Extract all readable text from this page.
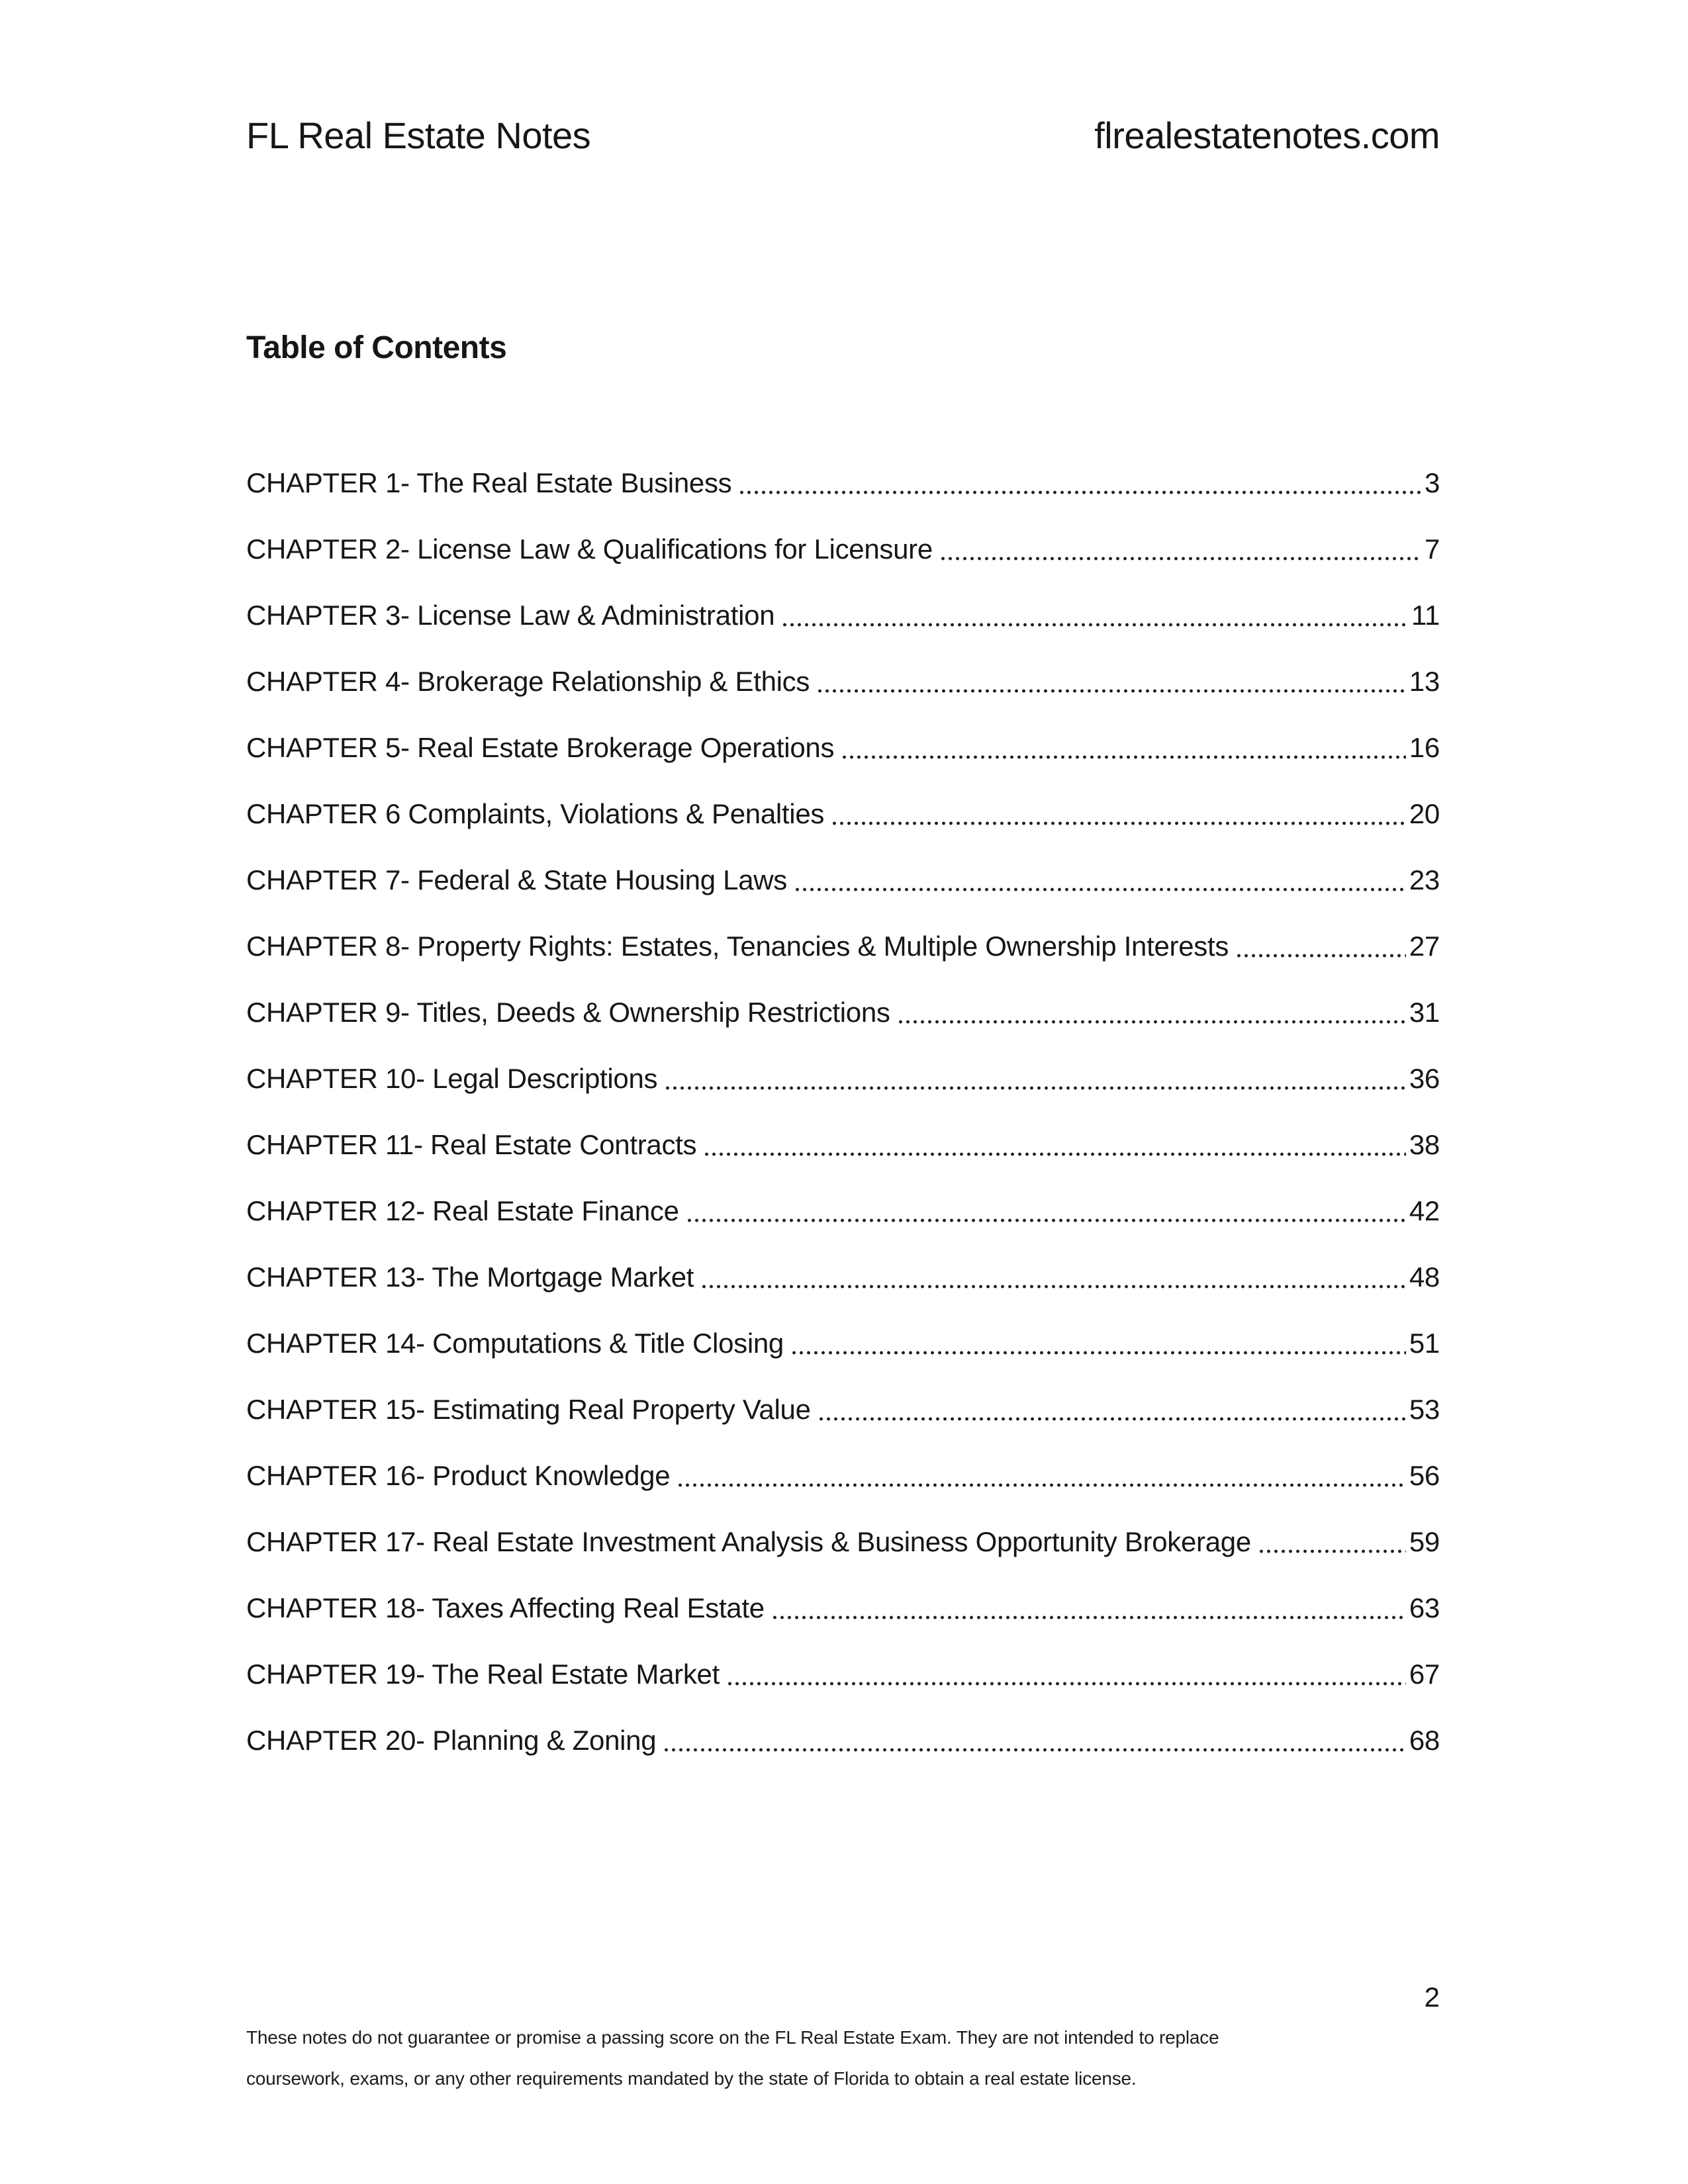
FL Real Estate Notes	flrealestatenotes.com
Table of Contents
CHAPTER 1- The Real Estate Business	3
CHAPTER 2- License Law & Qualifications for Licensure	7
CHAPTER 3- License Law & Administration	11
CHAPTER 4- Brokerage Relationship & Ethics	13
CHAPTER 5- Real Estate Brokerage Operations	16
CHAPTER 6 Complaints, Violations & Penalties	20
CHAPTER 7- Federal & State Housing Laws	23
CHAPTER 8- Property Rights: Estates, Tenancies & Multiple Ownership Interests	27
CHAPTER 9- Titles, Deeds & Ownership Restrictions	31
CHAPTER 10- Legal Descriptions	36
CHAPTER 11- Real Estate Contracts	38
CHAPTER 12- Real Estate Finance	42
CHAPTER 13- The Mortgage Market	48
CHAPTER 14- Computations & Title Closing	51
CHAPTER 15- Estimating Real Property Value	53
CHAPTER 16- Product Knowledge	56
CHAPTER 17- Real Estate Investment Analysis & Business Opportunity Brokerage	59
CHAPTER 18- Taxes Affecting Real Estate	63
CHAPTER 19- The Real Estate Market	67
CHAPTER 20- Planning & Zoning	68
2
These notes do not guarantee or promise a passing score on the FL Real Estate Exam. They are not intended to replace
coursework, exams, or any other requirements mandated by the state of Florida to obtain a real estate license.
